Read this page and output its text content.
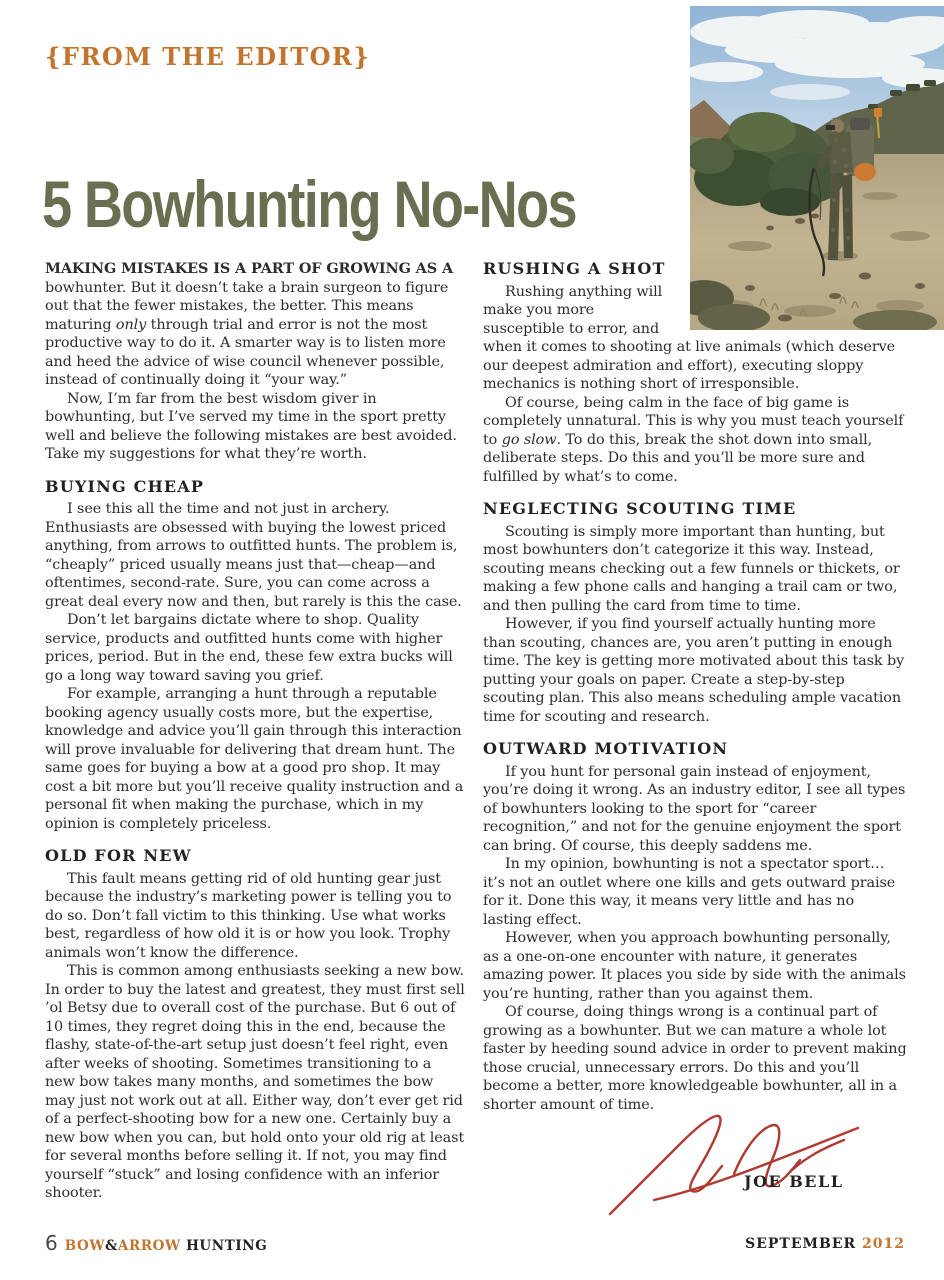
{FROM THE EDITOR}
5 Bowhunting No-Nos

MAKING MISTAKES IS A PART OF GROWING AS A bowhunter. But it doesn’t take a brain surgeon to figure out that the fewer mistakes, the better. This means maturing only through trial and error is not the most productive way to do it. A smarter way is to listen more and heed the advice of wise council whenever possible, instead of continually doing it “your way.”

Now, I’m far from the best wisdom giver in bowhunting, but I’ve served my time in the sport pretty well and believe the following mistakes are best avoided. Take my suggestions for what they’re worth.

BUYING CHEAP

I see this all the time and not just in archery. Enthusiasts are obsessed with buying the lowest priced anything, from arrows to outfitted hunts. The problem is, “cheaply” priced usually means just that—cheap—and oftentimes, second-rate. Sure, you can come across a great deal every now and then, but rarely is this the case.

Don’t let bargains dictate where to shop. Quality service, products and outfitted hunts come with higher prices, period. But in the end, these few extra bucks will go a long way toward saving you grief.

For example, arranging a hunt through a reputable booking agency usually costs more, but the expertise, knowledge and advice you’ll gain through this interaction will prove invaluable for delivering that dream hunt. The same goes for buying a bow at a good pro shop. It may cost a bit more but you’ll receive quality instruction and a personal fit when making the purchase, which in my opinion is completely priceless.

OLD FOR NEW

This fault means getting rid of old hunting gear just because the industry’s marketing power is telling you to do so. Don’t fall victim to this thinking. Use what works best, regardless of how old it is or how you look. Trophy animals won’t know the difference.

This is common among enthusiasts seeking a new bow. In order to buy the latest and greatest, they must first sell ’ol Betsy due to overall cost of the purchase. But 6 out of 10 times, they regret doing this in the end, because the flashy, state-of-the-art setup just doesn’t feel right, even after weeks of shooting. Sometimes transitioning to a new bow takes many months, and sometimes the bow may just not work out at all. Either way, don’t ever get rid of a perfect-shooting bow for a new one. Certainly buy a new bow when you can, but hold onto your old rig at least for several months before selling it. If not, you may find yourself “stuck” and losing confidence with an inferior shooter.

RUSHING A SHOT

Rushing anything will make you more susceptible to error, and when it comes to shooting at live animals (which deserve our deepest admiration and effort), executing sloppy mechanics is nothing short of irresponsible.

Of course, being calm in the face of big game is completely unnatural. This is why you must teach yourself to go slow. To do this, break the shot down into small, deliberate steps. Do this and you’ll be more sure and fulfilled by what’s to come.

NEGLECTING SCOUTING TIME

Scouting is simply more important than hunting, but most bowhunters don’t categorize it this way. Instead, scouting means checking out a few funnels or thickets, or making a few phone calls and hanging a trail cam or two, and then pulling the card from time to time.

However, if you find yourself actually hunting more than scouting, chances are, you aren’t putting in enough time. The key is getting more motivated about this task by putting your goals on paper. Create a step-by-step scouting plan. This also means scheduling ample vacation time for scouting and research.

OUTWARD MOTIVATION

If you hunt for personal gain instead of enjoyment, you’re doing it wrong. As an industry editor, I see all types of bowhunters looking to the sport for “career recognition,” and not for the genuine enjoyment the sport can bring. Of course, this deeply saddens me.

In my opinion, bowhunting is not a spectator sport… it’s not an outlet where one kills and gets outward praise for it. Done this way, it means very little and has no lasting effect.

However, when you approach bowhunting personally, as a one-on-one encounter with nature, it generates amazing power. It places you side by side with the animals you’re hunting, rather than you against them.

Of course, doing things wrong is a continual part of growing as a bowhunter. But we can mature a whole lot faster by heeding sound advice in order to prevent making those crucial, unnecessary errors. Do this and you’ll become a better, more knowledgeable bowhunter, all in a shorter amount of time.

JOE BELL
6 BOW&ARROW HUNTING	SEPTEMBER 2012
